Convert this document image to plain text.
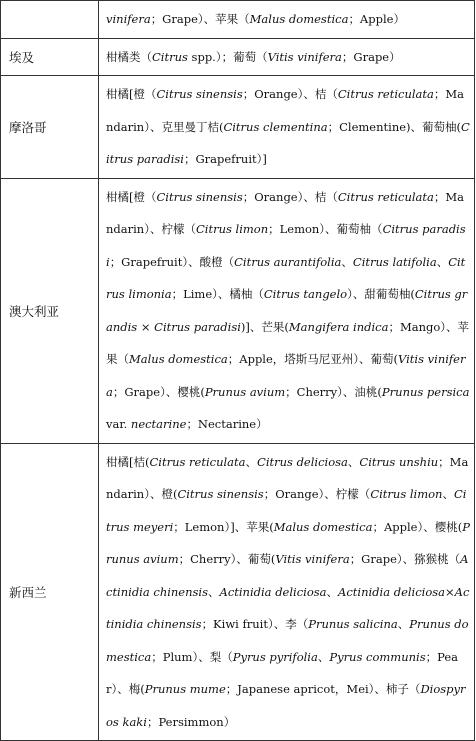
	vinifera；Grape）、苹果（Malus domestica；Apple）
埃及	柑橘类（Citrus spp.）；葡萄（Vitis vinifera；Grape）
摩洛哥	柑橘[橙（Citrus sinensis；Orange）、桔（Citrus reticulata；Mandarin）、克里曼丁桔(Citrus clementina；Clementine)、葡萄柚(Citrus paradisi；Grapefruit）]
澳大利亚	柑橘[橙（Citrus sinensis；Orange）、桔（Citrus reticulata；Mandarin）、柠檬（Citrus limon；Lemon）、葡萄柚（Citrus paradisi；Grapefruit）、酸橙（Citrus aurantifolia、Citrus latifolia、Citrus limonia；Lime）、橘柚（Citrus tangelo）、甜葡萄柚(Citrus grandis × Citrus paradisi)]、芒果(Mangifera indica；Mango）、苹果（Malus domestica；Apple，塔斯马尼亚州）、葡萄(Vitis vinifera；Grape）、樱桃(Prunus avium；Cherry）、油桃(Prunus persica var. nectarine；Nectarine）
新西兰	柑橘[桔(Citrus reticulata、Citrus deliciosa、Citrus unshiu；Mandarin）、橙(Citrus sinensis；Orange）、柠檬（Citrus limon、Citrus meyeri；Lemon）]、苹果(Malus domestica；Apple）、樱桃(Prunus avium；Cherry）、葡萄(Vitis vinifera；Grape）、猕猴桃（Actinidia chinensis、Actinidia deliciosa、Actinidia deliciosa×Actinidia chinensis；Kiwi fruit）、李（Prunus salicina、Prunus domestica；Plum）、梨（Pyrus pyrifolia、Pyrus communis；Pear）、梅(Prunus mume；Japanese apricot，Mei）、柿子（Diospyros kaki；Persimmon）
